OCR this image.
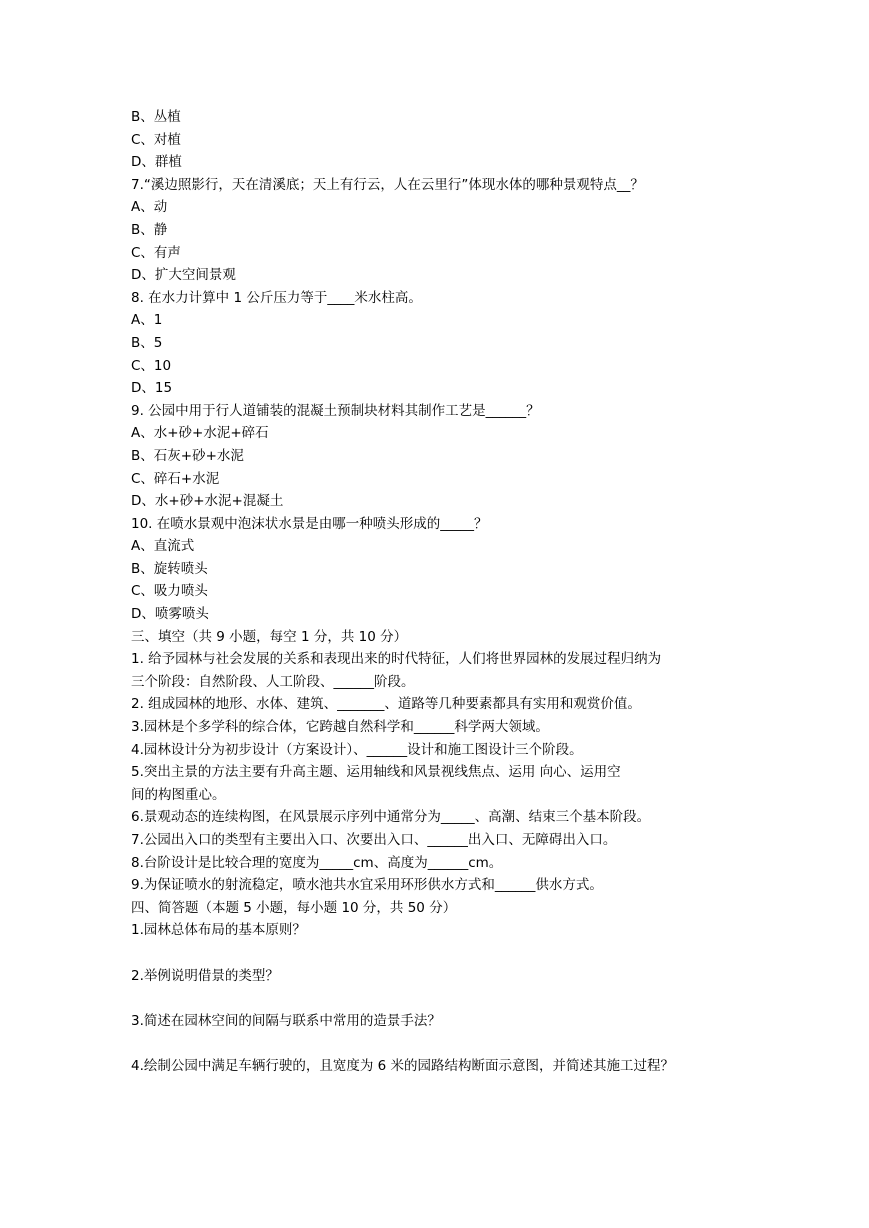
B、丛植
C、对植
D、群植
7.“溪边照影行，天在清溪底；天上有行云，人在云里行”体现水体的哪种景观特点__？
A、动
B、静
C、有声
D、扩大空间景观
8. 在水力计算中 1 公斤压力等于____米水柱高。
A、1
B、5
C、10
D、15
9. 公园中用于行人道铺装的混凝土预制块材料其制作工艺是______？
A、水+砂+水泥+碎石
B、石灰+砂+水泥
C、碎石+水泥
D、水+砂+水泥+混凝土
10. 在喷水景观中泡沫状水景是由哪一种喷头形成的_____？
A、直流式
B、旋转喷头
C、吸力喷头
D、喷雾喷头
三、填空（共 9 小题，每空 1 分，共 10 分）
1. 给予园林与社会发展的关系和表现出来的时代特征，人们将世界园林的发展过程归纳为
三个阶段：自然阶段、人工阶段、______阶段。
2. 组成园林的地形、水体、建筑、_______、道路等几种要素都具有实用和观赏价值。
3.园林是个多学科的综合体，它跨越自然科学和______科学两大领域。
4.园林设计分为初步设计（方案设计）、______设计和施工图设计三个阶段。
5.突出主景的方法主要有升高主题、运用轴线和风景视线焦点、运用 向心、运用空
间的构图重心。
6.景观动态的连续构图，在风景展示序列中通常分为_____、高潮、结束三个基本阶段。
7.公园出入口的类型有主要出入口、次要出入口、______出入口、无障碍出入口。
8.台阶设计是比较合理的宽度为_____cm、高度为______cm。
9.为保证喷水的射流稳定，喷水池共水宜采用环形供水方式和______供水方式。
四、简答题（本题 5 小题，每小题 10 分，共 50 分）
1.园林总体布局的基本原则？
2.举例说明借景的类型？
3.简述在园林空间的间隔与联系中常用的造景手法？
4.绘制公园中满足车辆行驶的，且宽度为 6 米的园路结构断面示意图，并简述其施工过程？
